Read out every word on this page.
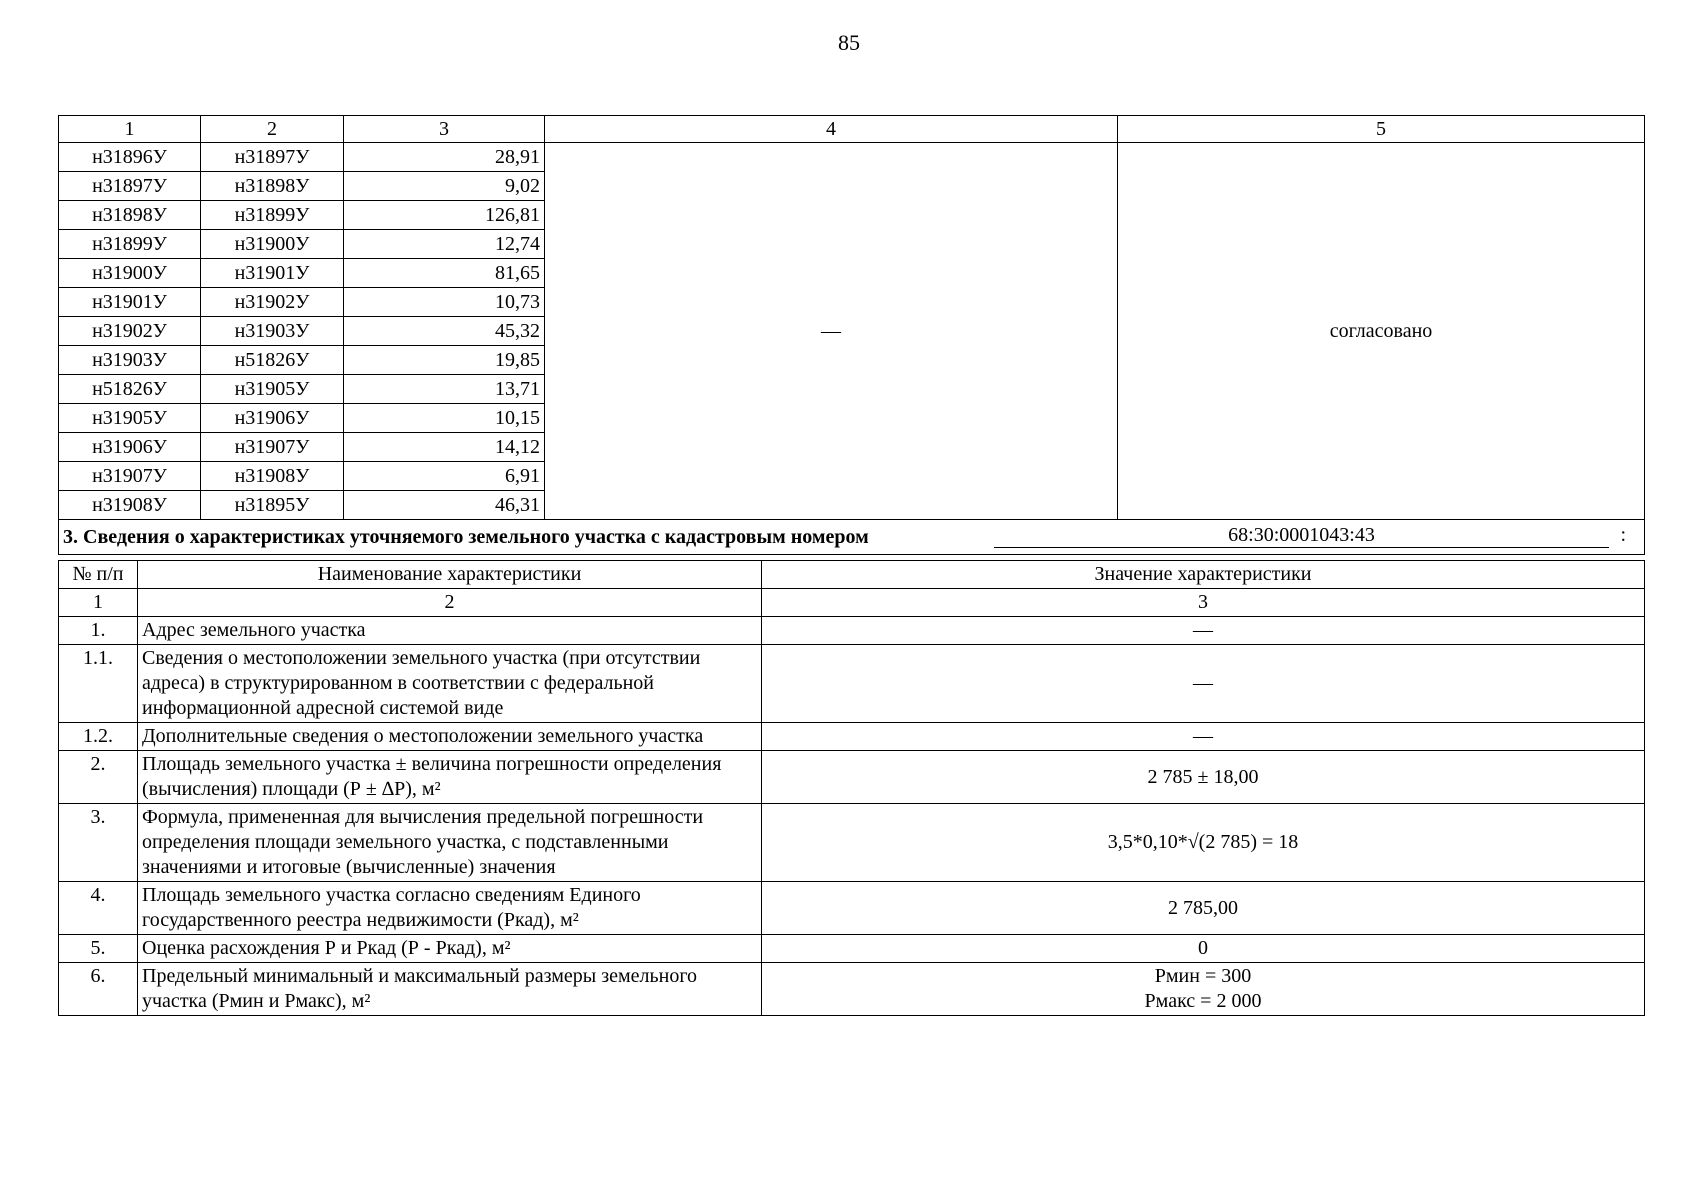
85
1	2	3	4	5
н31896У	н31897У	28,91	—	согласовано
н31897У	н31898У	9,02		
н31898У	н31899У	126,81		
н31899У	н31900У	12,74		
н31900У	н31901У	81,65		
н31901У	н31902У	10,73		
н31902У	н31903У	45,32		
н31903У	н51826У	19,85		
н51826У	н31905У	13,71		
н31905У	н31906У	10,15		
н31906У	н31907У	14,12		
н31907У	н31908У	6,91		
н31908У	н31895У	46,31		
3. Сведения о характеристиках уточняемого земельного участка с кадастровым номером 68:30:0001043:43 :				
№ п/п	Наименование характеристики	Значение характеристики
1	2	3
1.	Адрес земельного участка	—

1.1.	Сведения о местоположении земельного участка (при отсутствии адреса) в структурированном в соответствии с федеральной информационной адресной системой виде	—

1.2.	Дополнительные сведения о местоположении земельного участка	—

2.	Площадь земельного участка ± величина погрешности определения (вычисления) площади (Р ± ∆Р), м²	2 785 ± 18,00

3.	Формула, примененная для вычисления предельной погрешности определения площади земельного участка, с подставленными значениями и итоговые (вычисленные) значения	3,5*0,10*√(2 785) = 18

4.	Площадь земельного участка согласно сведениям Единого государственного реестра недвижимости (Ркад), м²	2 785,00

5.	Оценка расхождения Р и Ркад (Р - Ркад), м²	0

6.	Предельный минимальный и максимальный размеры земельного участка (Рмин и Рмакс), м²	Рмин = 300
Рмакс = 2 000
